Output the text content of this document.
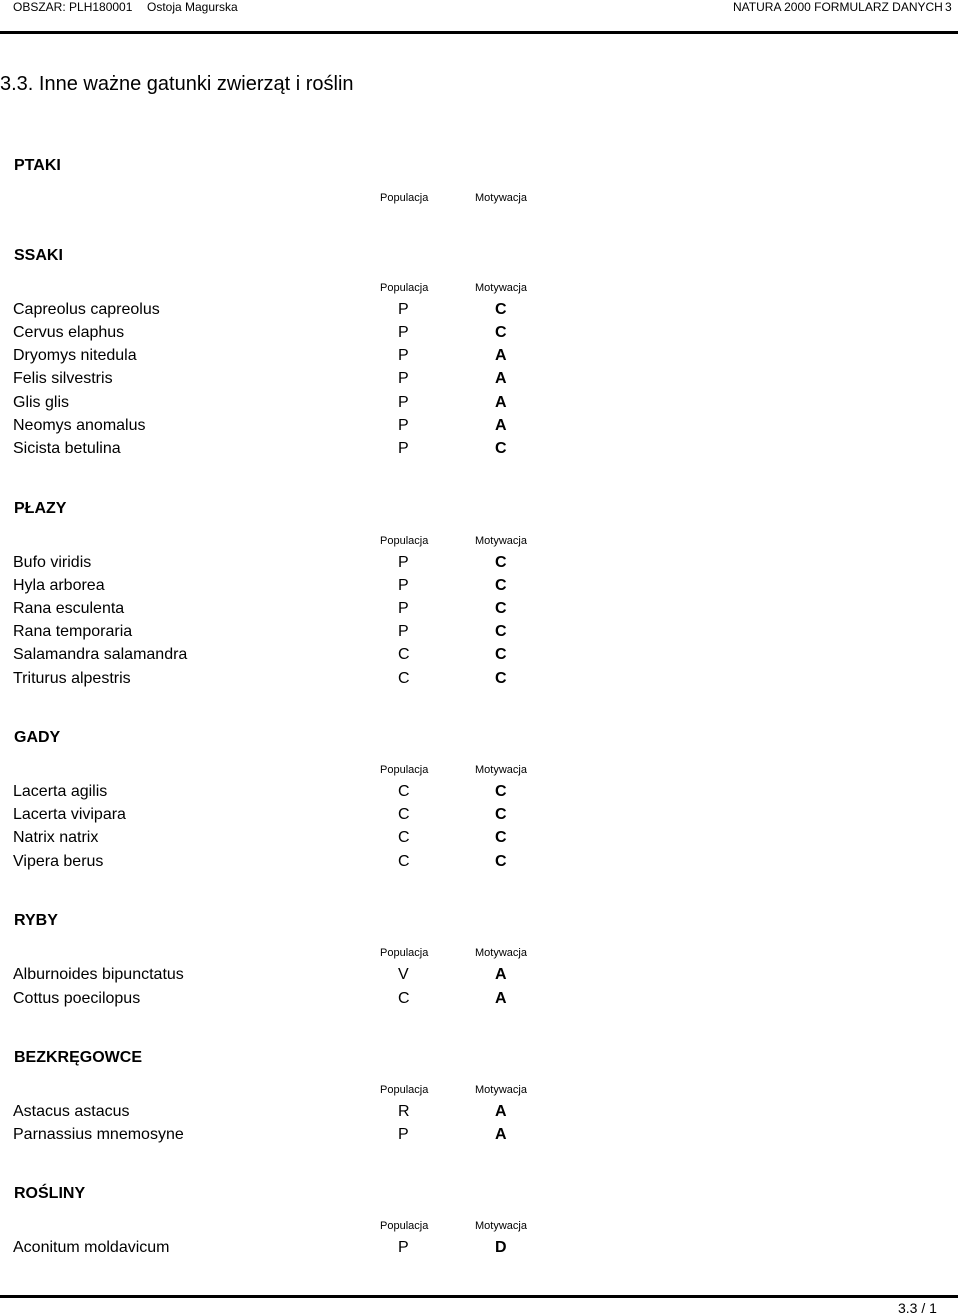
OBSZAR: PLH180001 Ostoja Magurska	NATURA 2000 FORMULARZ DANYCH 3
3.3. Inne ważne gatunki zwierząt i roślin
PTAKI
Populacja	Motywacja
SSAKI
Populacja	Motywacja
Capreolus capreolus	P	C
Cervus elaphus	P	C
Dryomys nitedula	P	A
Felis silvestris	P	A
Glis glis	P	A
Neomys anomalus	P	A
Sicista betulina	P	C
PŁAZY
Populacja	Motywacja
Bufo viridis	P	C
Hyla arborea	P	C
Rana esculenta	P	C
Rana temporaria	P	C
Salamandra salamandra	C	C
Triturus alpestris	C	C
GADY
Populacja	Motywacja
Lacerta agilis	C	C
Lacerta vivipara	C	C
Natrix natrix	C	C
Vipera berus	C	C
RYBY
Populacja	Motywacja
Alburnoides bipunctatus	V	A
Cottus poecilopus	C	A
BEZKRĘGOWCE
Populacja	Motywacja
Astacus astacus	R	A
Parnassius mnemosyne	P	A
ROŚLINY
Populacja	Motywacja
Aconitum moldavicum	P	D
3.3 / 1
